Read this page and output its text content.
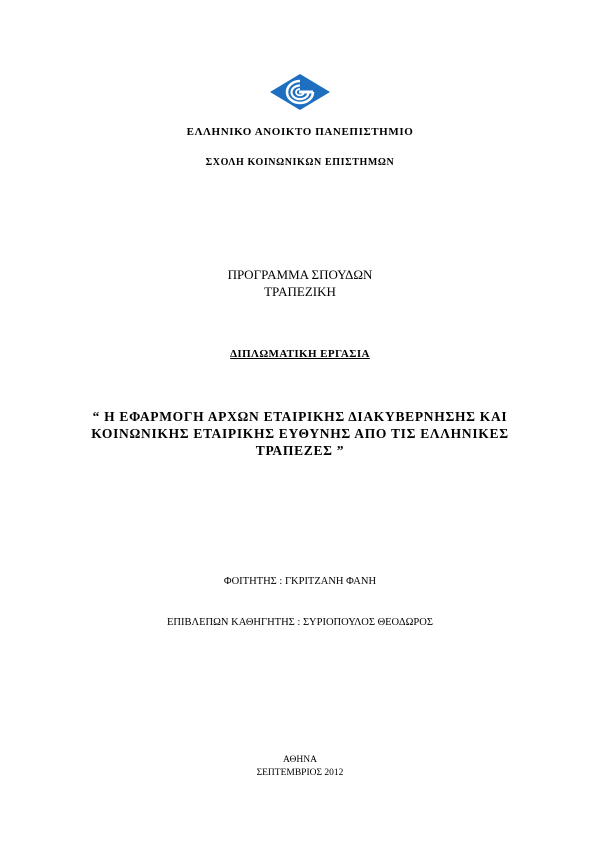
ΕΛΛΗΝΙΚΟ ΑΝΟΙΚΤΟ ΠΑΝΕΠΙΣΤΗΜΙΟ
ΣΧΟΛΗ ΚΟΙΝΩΝΙΚΩΝ ΕΠΙΣΤΗΜΩΝ
ΠΡΟΓΡΑΜΜΑ ΣΠΟΥΔΩΝ
ΤΡΑΠΕΖΙΚΗ
ΔΙΠΛΩΜΑΤΙΚΗ ΕΡΓΑΣΙΑ
“ Η ΕΦΑΡΜΟΓΗ ΑΡΧΩΝ ΕΤΑΙΡΙΚΗΣ ΔΙΑΚΥΒΕΡΝΗΣΗΣ ΚΑΙ ΚΟΙΝΩΝΙΚΗΣ ΕΤΑΙΡΙΚΗΣ ΕΥΘΥΝΗΣ ΑΠΟ ΤΙΣ ΕΛΛΗΝΙΚΕΣ ΤΡΑΠΕΖΕΣ ”
ΦΟΙΤΗΤΗΣ : ΓΚΡΙΤΖΑΝΗ ΦΑΝΗ
ΕΠΙΒΛΕΠΩΝ ΚΑΘΗΓΗΤΗΣ : ΣΥΡΙΟΠΟΥΛΟΣ ΘΕΟΔΩΡΟΣ
ΑΘΗΝΑ
ΣΕΠΤΕΜΒΡΙΟΣ 2012
